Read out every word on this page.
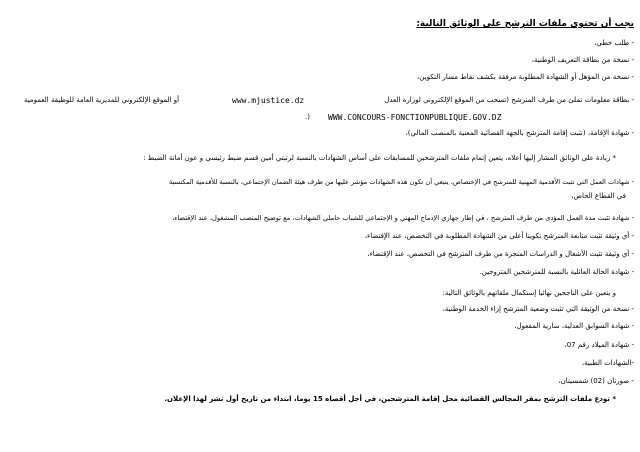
يجب أن تحتوي ملفات الترشح على الوثائق التالية:
- طلب خطي،
- نسخة من بطاقة التعريف الوطنية،
- نسخة من المؤهل أو الشهادة المطلوبة مرفقة بكشف نقاط مسار التكوين،
- بطاقة معلومات تملئ من طرف المترشح (تسحب من الموقع الإلكتروني لوزارة العدل
www.mjustice.dz
أو الموقع الإلكتروني للمديرية العامة للوظيفة العمومية
WWW.CONCOURS-FONCTIONPUBLIQUE.GOV.DZ
(.
- شهادة الإقامة، (تثبت إقامة المترشح بالجهة القضائية المعنية بالمنصب المالي)،
* زيادة على الوثائق المشار إليها أعلاه، يتعين إتمام ملفات المترشحين للمسابقات على أساس الشهادات بالنسبة لرتبتي أمين قسم ضبط رئيسي و عون أمانة الضبط :
- شهادات العمل التي تثبت الأقدمية المهنية للمترشح في الإختصاص، ينبغي أن تكون هذه الشهادات مؤشر عليها من طرف هيئة الضمان الإجتماعي، بالنسبة للأقدمية المكتسبة
في القطاع الخاص،
- شهادة تثبت مدة العمل المؤدى من طرف المترشح ، في إطار جهازي الإدماج المهني و الإجتماعي للشباب حاملي الشهادات، مع توضيح المنصب المشغول، عند الإقتضاء،
- أي وثيقة تثبت متابعة المترشح تكوينا أعلى من الشهادة المطلوبة في التخصص، عند الإقتضاء،
- أي وثيقة تثبت الأشغال و الدراسات المنجزة من طرف المترشح في التخصص، عند الإقتضاء،
- شهادة الحالة العائلية بالنسبة للمترشحين المتزوجين.
و يتعين على الناجحين نهائيا إستكمال ملفاتهم بالوثائق التالية:
- نسخة من الوثيقة التي تثبت وضعية المترشح إزاء الخدمة الوطنية،
- شهادة السوابق العدلية، سارية المفعول،
- شهادة الميلاد رقم 07،
-الشهادات الطبية،
- صورتان (02) شمسيتان،
* تودع ملفات الترشح بمقر المجالس القضائية محل إقامة المترشحين، في أجل أقصاه 15 يوما، ابتداء من تاريخ أول نشر لهذا الإعلان.
